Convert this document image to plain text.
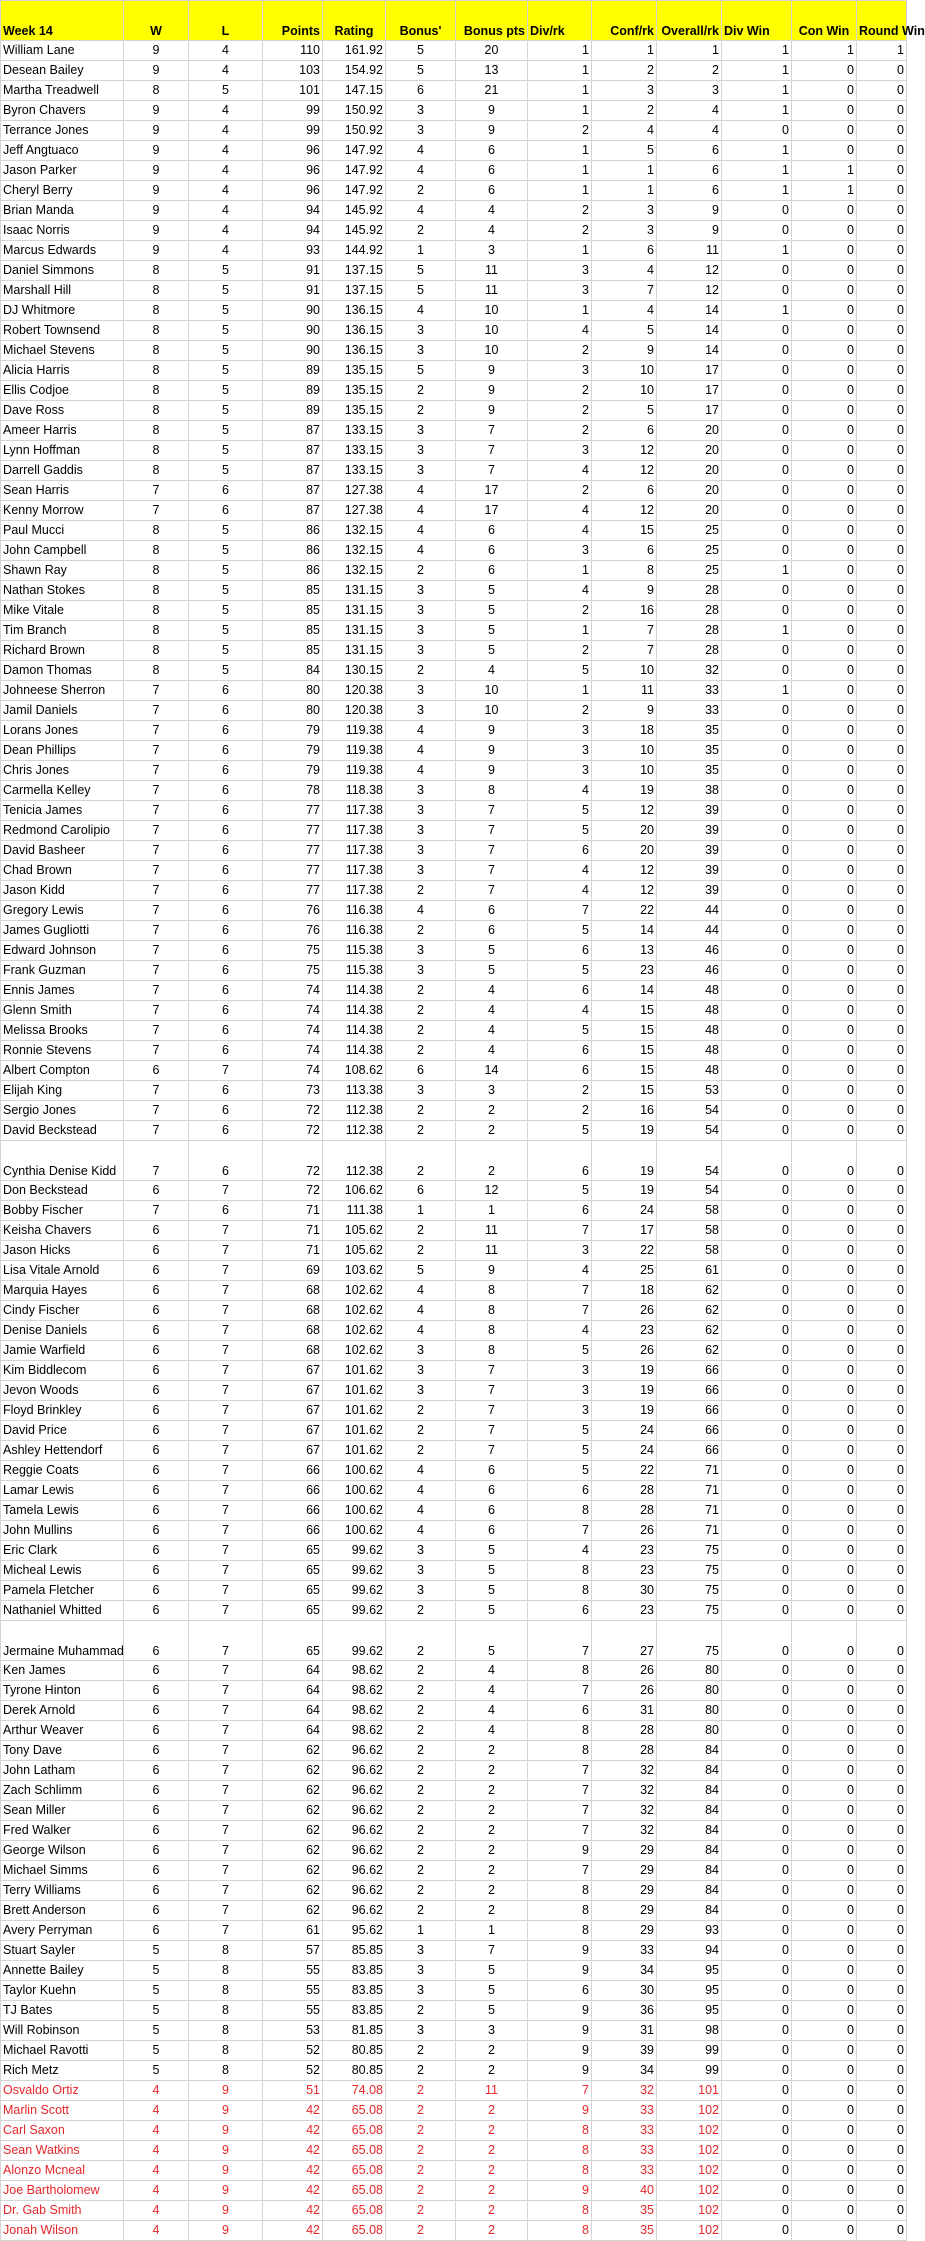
Week 14	W	L	Points	Rating	Bonus'	Bonus pts	Div/rk	Conf/rk	Overall/rk	Div Win	Con Win	Round Win
William Lane	9	4	110	161.92	5	20	1	1	1	1	1	1
Desean Bailey	9	4	103	154.92	5	13	1	2	2	1	0	0
Martha Treadwell	8	5	101	147.15	6	21	1	3	3	1	0	0
Byron Chavers	9	4	99	150.92	3	9	1	2	4	1	0	0
Terrance Jones	9	4	99	150.92	3	9	2	4	4	0	0	0
Jeff Angtuaco	9	4	96	147.92	4	6	1	5	6	1	0	0
Jason Parker	9	4	96	147.92	4	6	1	1	6	1	1	0
Cheryl Berry	9	4	96	147.92	2	6	1	1	6	1	1	0
Brian Manda	9	4	94	145.92	4	4	2	3	9	0	0	0
Isaac Norris	9	4	94	145.92	2	4	2	3	9	0	0	0
Marcus Edwards	9	4	93	144.92	1	3	1	6	11	1	0	0
Daniel Simmons	8	5	91	137.15	5	11	3	4	12	0	0	0
Marshall Hill	8	5	91	137.15	5	11	3	7	12	0	0	0
DJ Whitmore	8	5	90	136.15	4	10	1	4	14	1	0	0
Robert Townsend	8	5	90	136.15	3	10	4	5	14	0	0	0
Michael Stevens	8	5	90	136.15	3	10	2	9	14	0	0	0
Alicia Harris	8	5	89	135.15	5	9	3	10	17	0	0	0
Ellis Codjoe	8	5	89	135.15	2	9	2	10	17	0	0	0
Dave Ross	8	5	89	135.15	2	9	2	5	17	0	0	0
Ameer Harris	8	5	87	133.15	3	7	2	6	20	0	0	0
Lynn Hoffman	8	5	87	133.15	3	7	3	12	20	0	0	0
Darrell Gaddis	8	5	87	133.15	3	7	4	12	20	0	0	0
Sean Harris	7	6	87	127.38	4	17	2	6	20	0	0	0
Kenny Morrow	7	6	87	127.38	4	17	4	12	20	0	0	0
Paul Mucci	8	5	86	132.15	4	6	4	15	25	0	0	0
John Campbell	8	5	86	132.15	4	6	3	6	25	0	0	0
Shawn Ray	8	5	86	132.15	2	6	1	8	25	1	0	0
Nathan Stokes	8	5	85	131.15	3	5	4	9	28	0	0	0
Mike Vitale	8	5	85	131.15	3	5	2	16	28	0	0	0
Tim Branch	8	5	85	131.15	3	5	1	7	28	1	0	0
Richard Brown	8	5	85	131.15	3	5	2	7	28	0	0	0
Damon Thomas	8	5	84	130.15	2	4	5	10	32	0	0	0
Johneese Sherron	7	6	80	120.38	3	10	1	11	33	1	0	0
Jamil Daniels	7	6	80	120.38	3	10	2	9	33	0	0	0
Lorans Jones	7	6	79	119.38	4	9	3	18	35	0	0	0
Dean Phillips	7	6	79	119.38	4	9	3	10	35	0	0	0
Chris Jones	7	6	79	119.38	4	9	3	10	35	0	0	0
Carmella Kelley	7	6	78	118.38	3	8	4	19	38	0	0	0
Tenicia James	7	6	77	117.38	3	7	5	12	39	0	0	0
Redmond Carolipio	7	6	77	117.38	3	7	5	20	39	0	0	0
David Basheer	7	6	77	117.38	3	7	6	20	39	0	0	0
Chad Brown	7	6	77	117.38	3	7	4	12	39	0	0	0
Jason Kidd	7	6	77	117.38	2	7	4	12	39	0	0	0
Gregory Lewis	7	6	76	116.38	4	6	7	22	44	0	0	0
James Gugliotti	7	6	76	116.38	2	6	5	14	44	0	0	0
Edward Johnson	7	6	75	115.38	3	5	6	13	46	0	0	0
Frank Guzman	7	6	75	115.38	3	5	5	23	46	0	0	0
Ennis James	7	6	74	114.38	2	4	6	14	48	0	0	0
Glenn Smith	7	6	74	114.38	2	4	4	15	48	0	0	0
Melissa Brooks	7	6	74	114.38	2	4	5	15	48	0	0	0
Ronnie Stevens	7	6	74	114.38	2	4	6	15	48	0	0	0
Albert Compton	6	7	74	108.62	6	14	6	15	48	0	0	0
Elijah King	7	6	73	113.38	3	3	2	15	53	0	0	0
Sergio Jones	7	6	72	112.38	2	2	2	16	54	0	0	0
David Beckstead	7	6	72	112.38	2	2	5	19	54	0	0	0
Cynthia Denise Kidd	7	6	72	112.38	2	2	6	19	54	0	0	0
Don Beckstead	6	7	72	106.62	6	12	5	19	54	0	0	0
Bobby Fischer	7	6	71	111.38	1	1	6	24	58	0	0	0
Keisha Chavers	6	7	71	105.62	2	11	7	17	58	0	0	0
Jason Hicks	6	7	71	105.62	2	11	3	22	58	0	0	0
Lisa Vitale Arnold	6	7	69	103.62	5	9	4	25	61	0	0	0
Marquia Hayes	6	7	68	102.62	4	8	7	18	62	0	0	0
Cindy Fischer	6	7	68	102.62	4	8	7	26	62	0	0	0
Denise Daniels	6	7	68	102.62	4	8	4	23	62	0	0	0
Jamie Warfield	6	7	68	102.62	3	8	5	26	62	0	0	0
Kim Biddlecom	6	7	67	101.62	3	7	3	19	66	0	0	0
Jevon Woods	6	7	67	101.62	3	7	3	19	66	0	0	0
Floyd Brinkley	6	7	67	101.62	2	7	3	19	66	0	0	0
David Price	6	7	67	101.62	2	7	5	24	66	0	0	0
Ashley Hettendorf	6	7	67	101.62	2	7	5	24	66	0	0	0
Reggie Coats	6	7	66	100.62	4	6	5	22	71	0	0	0
Lamar Lewis	6	7	66	100.62	4	6	6	28	71	0	0	0
Tamela Lewis	6	7	66	100.62	4	6	8	28	71	0	0	0
John Mullins	6	7	66	100.62	4	6	7	26	71	0	0	0
Eric Clark	6	7	65	99.62	3	5	4	23	75	0	0	0
Micheal Lewis	6	7	65	99.62	3	5	8	23	75	0	0	0
Pamela Fletcher	6	7	65	99.62	3	5	8	30	75	0	0	0
Nathaniel Whitted	6	7	65	99.62	2	5	6	23	75	0	0	0
Jermaine Muhammad	6	7	65	99.62	2	5	7	27	75	0	0	0
Ken James	6	7	64	98.62	2	4	8	26	80	0	0	0
Tyrone Hinton	6	7	64	98.62	2	4	7	26	80	0	0	0
Derek Arnold	6	7	64	98.62	2	4	6	31	80	0	0	0
Arthur Weaver	6	7	64	98.62	2	4	8	28	80	0	0	0
Tony Dave	6	7	62	96.62	2	2	8	28	84	0	0	0
John Latham	6	7	62	96.62	2	2	7	32	84	0	0	0
Zach Schlimm	6	7	62	96.62	2	2	7	32	84	0	0	0
Sean Miller	6	7	62	96.62	2	2	7	32	84	0	0	0
Fred Walker	6	7	62	96.62	2	2	7	32	84	0	0	0
George Wilson	6	7	62	96.62	2	2	9	29	84	0	0	0
Michael Simms	6	7	62	96.62	2	2	7	29	84	0	0	0
Terry Williams	6	7	62	96.62	2	2	8	29	84	0	0	0
Brett Anderson	6	7	62	96.62	2	2	8	29	84	0	0	0
Avery Perryman	6	7	61	95.62	1	1	8	29	93	0	0	0
Stuart Sayler	5	8	57	85.85	3	7	9	33	94	0	0	0
Annette Bailey	5	8	55	83.85	3	5	9	34	95	0	0	0
Taylor Kuehn	5	8	55	83.85	3	5	6	30	95	0	0	0
TJ Bates	5	8	55	83.85	2	5	9	36	95	0	0	0
Will Robinson	5	8	53	81.85	3	3	9	31	98	0	0	0
Michael Ravotti	5	8	52	80.85	2	2	9	39	99	0	0	0
Rich Metz	5	8	52	80.85	2	2	9	34	99	0	0	0
Osvaldo Ortiz	4	9	51	74.08	2	11	7	32	101	0	0	0
Marlin Scott	4	9	42	65.08	2	2	9	33	102	0	0	0
Carl Saxon	4	9	42	65.08	2	2	8	33	102	0	0	0
Sean Watkins	4	9	42	65.08	2	2	8	33	102	0	0	0
Alonzo Mcneal	4	9	42	65.08	2	2	8	33	102	0	0	0
Joe Bartholomew	4	9	42	65.08	2	2	9	40	102	0	0	0
Dr. Gab Smith	4	9	42	65.08	2	2	8	35	102	0	0	0
Jonah Wilson	4	9	42	65.08	2	2	8	35	102	0	0	0
